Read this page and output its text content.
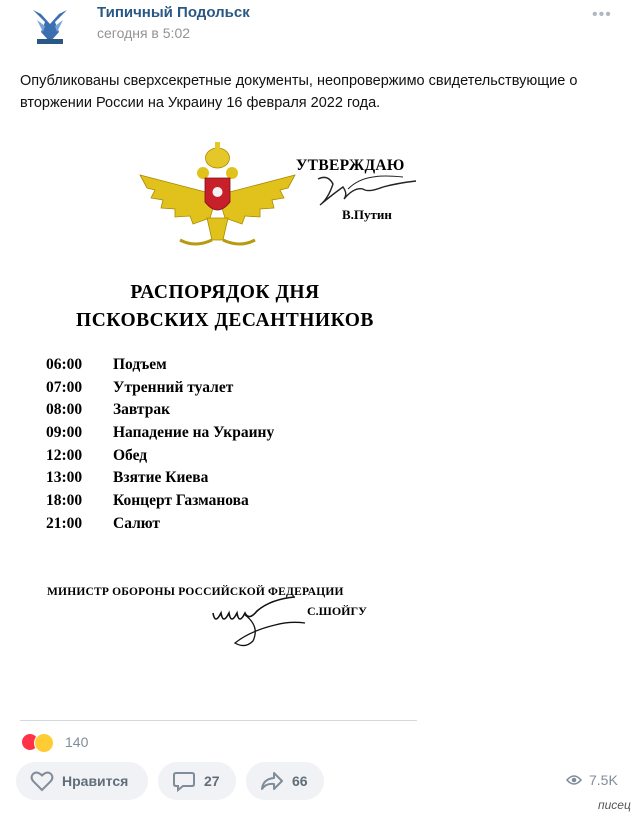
Типичный Подольск
сегодня в 5:02
•••
Опубликованы сверхсекретные документы, неопровержимо свидетельствующие о вторжении России на Украину 16 февраля 2022 года.
УТВЕРЖДАЮ
В.Путин
РАСПОРЯДОК ДНЯ
ПСКОВСКИХ ДЕСАНТНИКОВ
06:00 Подъем
07:00 Утренний туалет
08:00 Завтрак
09:00 Нападение на Украину
12:00 Обед
13:00 Взятие Киева
18:00 Концерт Газманова
21:00 Салют
МИНИСТР ОБОРОНЫ РОССИЙСКОЙ ФЕДЕРАЦИИ
С.ШОЙГУ
140
Нравится	27	66	7.5K
писец
